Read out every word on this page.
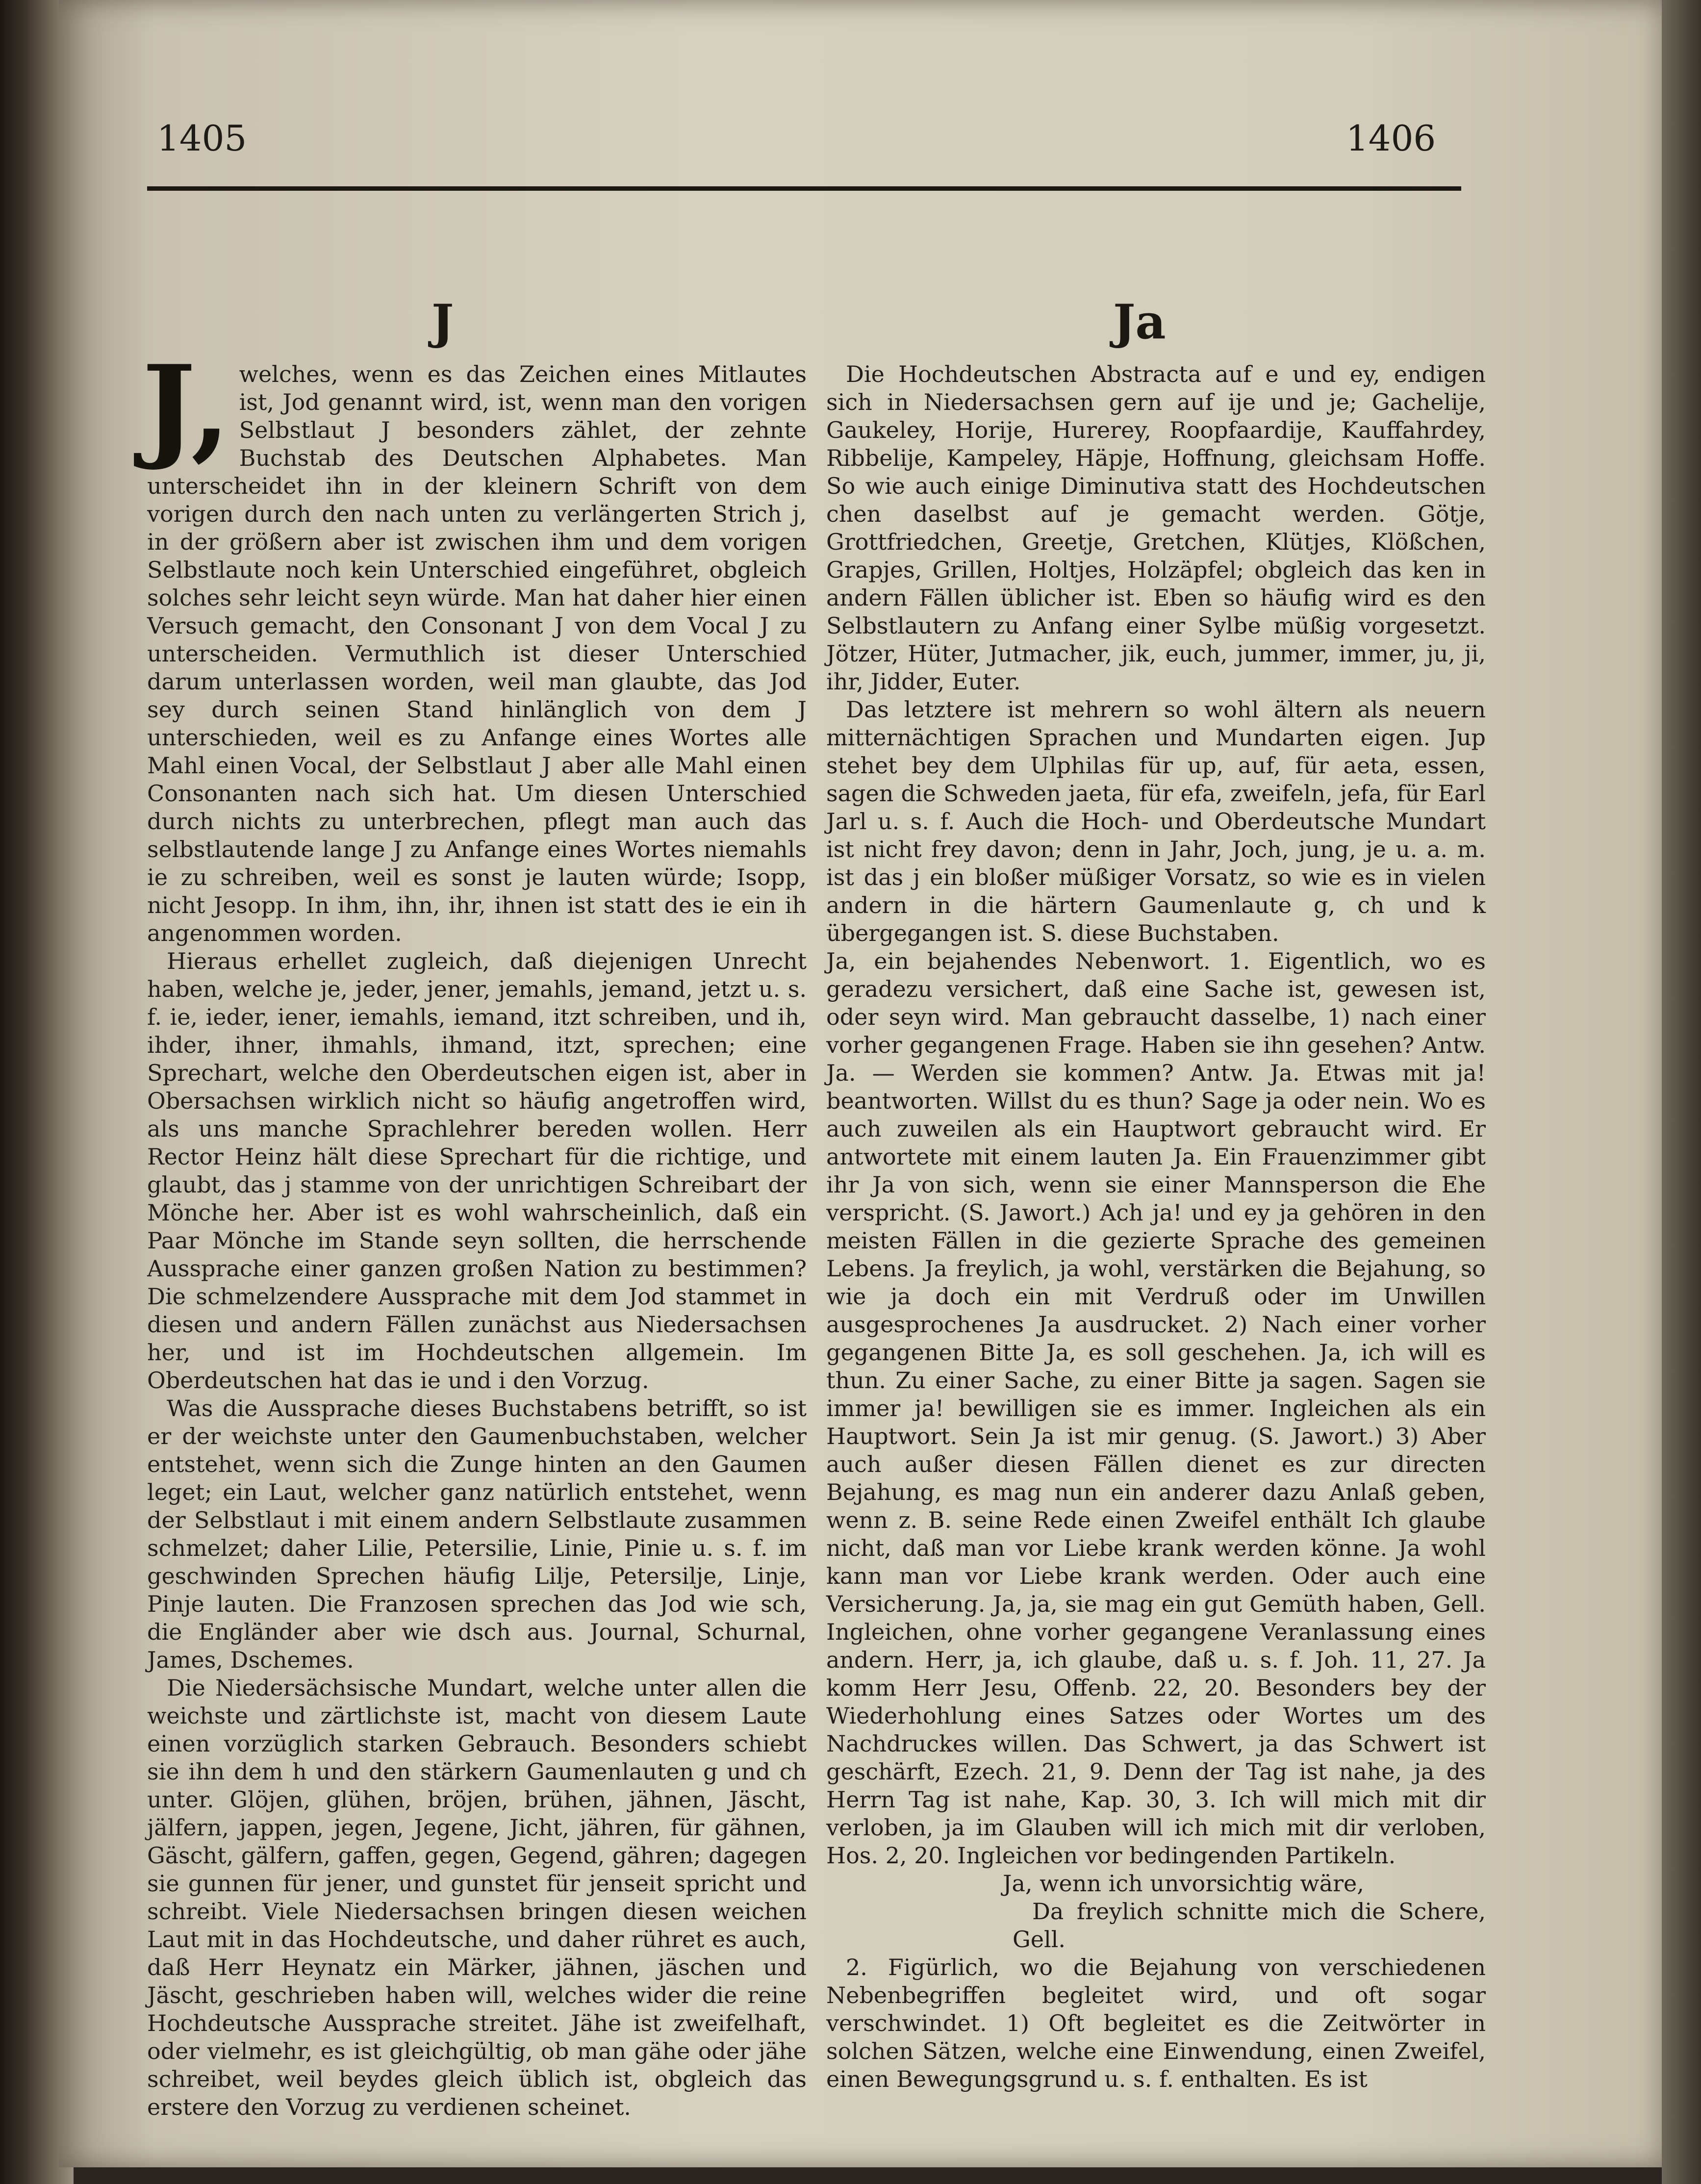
1405	1406
J	Ja

J, welches, wenn es das Zeichen eines Mitlautes ist, Jod genannt wird, ist, wenn man den vorigen Selbstlaut J besonders zählet, der zehnte Buchstab des Deutschen Alphabetes. Man unterscheidet ihn in der kleinern Schrift von dem vorigen durch den nach unten zu verlängerten Strich j, in der größern aber ist zwischen ihm und dem vorigen Selbstlaute noch kein Unterschied eingeführet, obgleich solches sehr leicht seyn würde. Man hat daher hier einen Versuch gemacht, den Consonant J von dem Vocal J zu unterscheiden. Vermuthlich ist dieser Unterschied darum unterlassen worden, weil man glaubte, das Jod sey durch seinen Stand hinlänglich von dem J unterschieden, weil es zu Anfange eines Wortes alle Mahl einen Vocal, der Selbstlaut J aber alle Mahl einen Consonanten nach sich hat. Um diesen Unterschied durch nichts zu unterbrechen, pflegt man auch das selbstlautende lange J zu Anfange eines Wortes niemahls ie zu schreiben, weil es sonst je lauten würde; Isopp, nicht Jesopp. In ihm, ihn, ihr, ihnen ist statt des ie ein ih angenommen worden.

Hieraus erhellet zugleich, daß diejenigen Unrecht haben, welche je, jeder, jener, jemahls, jemand, jetzt u. s. f. ie, ieder, iener, iemahls, iemand, itzt schreiben, und ih, ihder, ihner, ihmahls, ihmand, itzt, sprechen; eine Sprechart, welche den Oberdeutschen eigen ist, aber in Obersachsen wirklich nicht so häufig angetroffen wird, als uns manche Sprachlehrer bereden wollen. Herr Rector Heinz hält diese Sprechart für die richtige, und glaubt, das j stamme von der unrichtigen Schreibart der Mönche her. Aber ist es wohl wahrscheinlich, daß ein Paar Mönche im Stande seyn sollten, die herrschende Aussprache einer ganzen großen Nation zu bestimmen? Die schmelzendere Aussprache mit dem Jod stammet in diesen und andern Fällen zunächst aus Niedersachsen her, und ist im Hochdeutschen allgemein. Im Oberdeutschen hat das ie und i den Vorzug.

Was die Aussprache dieses Buchstabens betrifft, so ist er der weichste unter den Gaumenbuchstaben, welcher entstehet, wenn sich die Zunge hinten an den Gaumen leget; ein Laut, welcher ganz natürlich entstehet, wenn der Selbstlaut i mit einem andern Selbstlaute zusammen schmelzet; daher Lilie, Petersilie, Linie, Pinie u. s. f. im geschwinden Sprechen häufig Lilje, Petersilje, Linje, Pinje lauten. Die Franzosen sprechen das Jod wie sch, die Engländer aber wie dsch aus. Journal, Schurnal, James, Dschemes.

Die Niedersächsische Mundart, welche unter allen die weichste und zärtlichste ist, macht von diesem Laute einen vorzüglich starken Gebrauch. Besonders schiebt sie ihn dem h und den stärkern Gaumenlauten g und ch unter. Glöjen, glühen, bröjen, brühen, jähnen, Jäscht, jälfern, jappen, jegen, Jegene, Jicht, jähren, für gähnen, Gäscht, gälfern, gaffen, gegen, Gegend, gähren; dagegen sie gunnen für jener, und gunstet für jenseit spricht und schreibt. Viele Niedersachsen bringen diesen weichen Laut mit in das Hochdeutsche, und daher rühret es auch, daß Herr Heynatz ein Märker, jähnen, jäschen und Jäscht, geschrieben haben will, welches wider die reine Hochdeutsche Aussprache streitet. Jähe ist zweifelhaft, oder vielmehr, es ist gleichgültig, ob man gähe oder jähe schreibet, weil beydes gleich üblich ist, obgleich das erstere den Vorzug zu verdienen scheinet.

Die Hochdeutschen Abstracta auf e und ey, endigen sich in Niedersachsen gern auf ije und je; Gachelije, Gaukeley, Horije, Hurerey, Roopfaardije, Kauffahrdey, Ribbelije, Kampeley, Häpje, Hoffnung, gleichsam Hoffe. So wie auch einige Diminutiva statt des Hochdeutschen chen daselbst auf je gemacht werden. Götje, Grottfriedchen, Greetje, Gretchen, Klütjes, Klößchen, Grapjes, Grillen, Holtjes, Holzäpfel; obgleich das ken in andern Fällen üblicher ist. Eben so häufig wird es den Selbstlautern zu Anfang einer Sylbe müßig vorgesetzt. Jötzer, Hüter, Jutmacher, jik, euch, jummer, immer, ju, ji, ihr, Jidder, Euter.

Das letztere ist mehrern so wohl ältern als neuern mitternächtigen Sprachen und Mundarten eigen. Jup stehet bey dem Ulphilas für up, auf, für aeta, essen, sagen die Schweden jaeta, für efa, zweifeln, jefa, für Earl Jarl u. s. f. Auch die Hoch- und Oberdeutsche Mundart ist nicht frey davon; denn in Jahr, Joch, jung, je u. a. m. ist das j ein bloßer müßiger Vorsatz, so wie es in vielen andern in die härtern Gaumenlaute g, ch und k übergegangen ist. S. diese Buchstaben.

Ja, ein bejahendes Nebenwort. 1. Eigentlich, wo es geradezu versichert, daß eine Sache ist, gewesen ist, oder seyn wird. Man gebraucht dasselbe, 1) nach einer vorher gegangenen Frage. Haben sie ihn gesehen? Antw. Ja. — Werden sie kommen? Antw. Ja. Etwas mit ja! beantworten. Willst du es thun? Sage ja oder nein. Wo es auch zuweilen als ein Hauptwort gebraucht wird. Er antwortete mit einem lauten Ja. Ein Frauenzimmer gibt ihr Ja von sich, wenn sie einer Mannsperson die Ehe verspricht. (S. Jawort.) Ach ja! und ey ja gehören in den meisten Fällen in die gezierte Sprache des gemeinen Lebens. Ja freylich, ja wohl, verstärken die Bejahung, so wie ja doch ein mit Verdruß oder im Unwillen ausgesprochenes Ja ausdrucket. 2) Nach einer vorher gegangenen Bitte Ja, es soll geschehen. Ja, ich will es thun. Zu einer Sache, zu einer Bitte ja sagen. Sagen sie immer ja! bewilligen sie es immer. Ingleichen als ein Hauptwort. Sein Ja ist mir genug. (S. Jawort.) 3) Aber auch außer diesen Fällen dienet es zur directen Bejahung, es mag nun ein anderer dazu Anlaß geben, wenn z. B. seine Rede einen Zweifel enthält Ich glaube nicht, daß man vor Liebe krank werden könne. Ja wohl kann man vor Liebe krank werden. Oder auch eine Versicherung. Ja, ja, sie mag ein gut Gemüth haben, Gell. Ingleichen, ohne vorher gegangene Veranlassung eines andern. Herr, ja, ich glaube, daß u. s. f. Joh. 11, 27. Ja komm Herr Jesu, Offenb. 22, 20. Besonders bey der Wiederhohlung eines Satzes oder Wortes um des Nachdruckes willen. Das Schwert, ja das Schwert ist geschärft, Ezech. 21, 9. Denn der Tag ist nahe, ja des Herrn Tag ist nahe, Kap. 30, 3. Ich will mich mit dir verloben, ja im Glauben will ich mich mit dir verloben, Hos. 2, 20. Ingleichen vor bedingenden Partikeln.

Ja, wenn ich unvorsichtig wäre,

Da freylich schnitte mich die Schere, Gell.

2. Figürlich, wo die Bejahung von verschiedenen Nebenbegriffen begleitet wird, und oft sogar verschwindet. 1) Oft begleitet es die Zeitwörter in solchen Sätzen, welche eine Einwendung, einen Zweifel, einen Bewegungsgrund u. s. f. enthalten. Es ist
